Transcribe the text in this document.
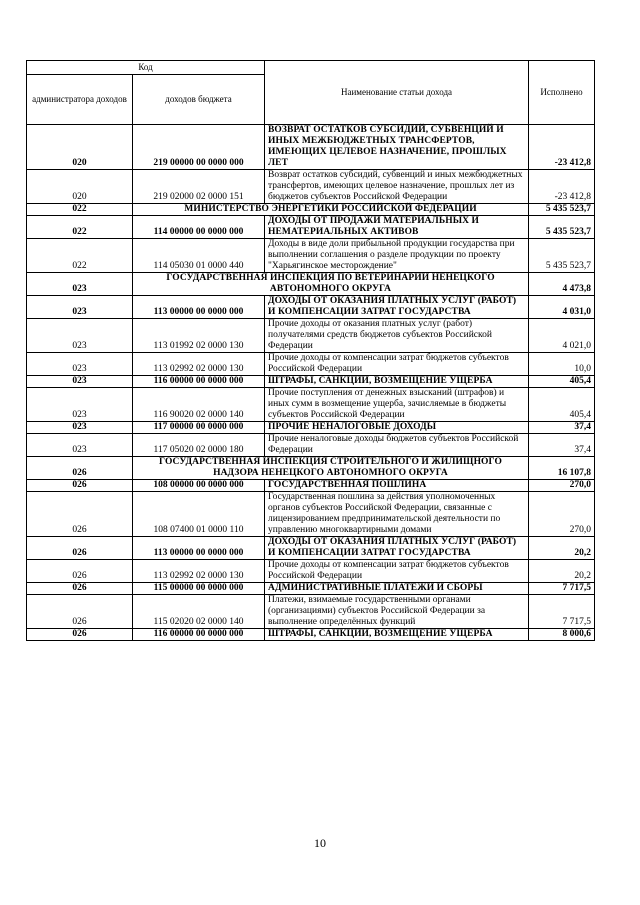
Код		Наименование статьи дохода	Исполнено
администратора доходов	доходов бюджета		
020	219 00000 00 0000 000	ВОЗВРАТ ОСТАТКОВ СУБСИДИЙ, СУБВЕНЦИЙ И ИНЫХ МЕЖБЮДЖЕТНЫХ ТРАНСФЕРТОВ, ИМЕЮЩИХ ЦЕЛЕВОЕ НАЗНАЧЕНИЕ, ПРОШЛЫХ ЛЕТ	-23 412,8
020	219 02000 02 0000 151	Возврат остатков субсидий, субвенций и иных межбюджетных трансфертов, имеющих целевое назначение, прошлых лет из бюджетов субъектов Российской Федерации	-23 412,8
022	МИНИСТЕРСТВО ЭНЕРГЕТИКИ РОССИЙСКОЙ ФЕДЕРАЦИИ		5 435 523,7
022	114 00000 00 0000 000	ДОХОДЫ ОТ ПРОДАЖИ МАТЕРИАЛЬНЫХ И НЕМАТЕРИАЛЬНЫХ АКТИВОВ	5 435 523,7
022	114 05030 01 0000 440	Доходы в виде доли прибыльной продукции государства при выполнении соглашения о разделе продукции по проекту "Харьягинское месторождение"	5 435 523,7
023	ГОСУДАРСТВЕННАЯ ИНСПЕКЦИЯ ПО ВЕТЕРИНАРИИ НЕНЕЦКОГО АВТОНОМНОГО ОКРУГА		4 473,8
023	113 00000 00 0000 000	ДОХОДЫ ОТ ОКАЗАНИЯ ПЛАТНЫХ УСЛУГ (РАБОТ) И КОМПЕНСАЦИИ ЗАТРАТ ГОСУДАРСТВА	4 031,0
023	113 01992 02 0000 130	Прочие доходы от оказания платных услуг (работ) получателями средств бюджетов субъектов Российской Федерации	4 021,0
023	113 02992 02 0000 130	Прочие доходы от компенсации затрат бюджетов субъектов Российской Федерации	10,0
023	116 00000 00 0000 000	ШТРАФЫ, САНКЦИИ, ВОЗМЕЩЕНИЕ УЩЕРБА	405,4
023	116 90020 02 0000 140	Прочие поступления от денежных взысканий (штрафов) и иных сумм в возмещение ущерба, зачисляемые в бюджеты субъектов Российской Федерации	405,4
023	117 00000 00 0000 000	ПРОЧИЕ НЕНАЛОГОВЫЕ ДОХОДЫ	37,4
023	117 05020 02 0000 180	Прочие неналоговые доходы бюджетов субъектов Российской Федерации	37,4
026	ГОСУДАРСТВЕННАЯ ИНСПЕКЦИЯ СТРОИТЕЛЬНОГО И ЖИЛИЩНОГО НАДЗОРА НЕНЕЦКОГО АВТОНОМНОГО ОКРУГА		16 107,8
026	108 00000 00 0000 000	ГОСУДАРСТВЕННАЯ ПОШЛИНА	270,0
026	108 07400 01 0000 110	Государственная пошлина за действия уполномоченных органов субъектов Российской Федерации, связанные с лицензированием предпринимательской деятельности по управлению многоквартирными домами	270,0
026	113 00000 00 0000 000	ДОХОДЫ ОТ ОКАЗАНИЯ ПЛАТНЫХ УСЛУГ (РАБОТ) И КОМПЕНСАЦИИ ЗАТРАТ ГОСУДАРСТВА	20,2
026	113 02992 02 0000 130	Прочие доходы от компенсации затрат бюджетов субъектов Российской Федерации	20,2
026	115 00000 00 0000 000	АДМИНИСТРАТИВНЫЕ ПЛАТЕЖИ И СБОРЫ	7 717,5
026	115 02020 02 0000 140	Платежи, взимаемые государственными органами (организациями) субъектов Российской Федерации за выполнение определённых функций	7 717,5
026	116 00000 00 0000 000	ШТРАФЫ, САНКЦИИ, ВОЗМЕЩЕНИЕ УЩЕРБА	8 000,6
10
